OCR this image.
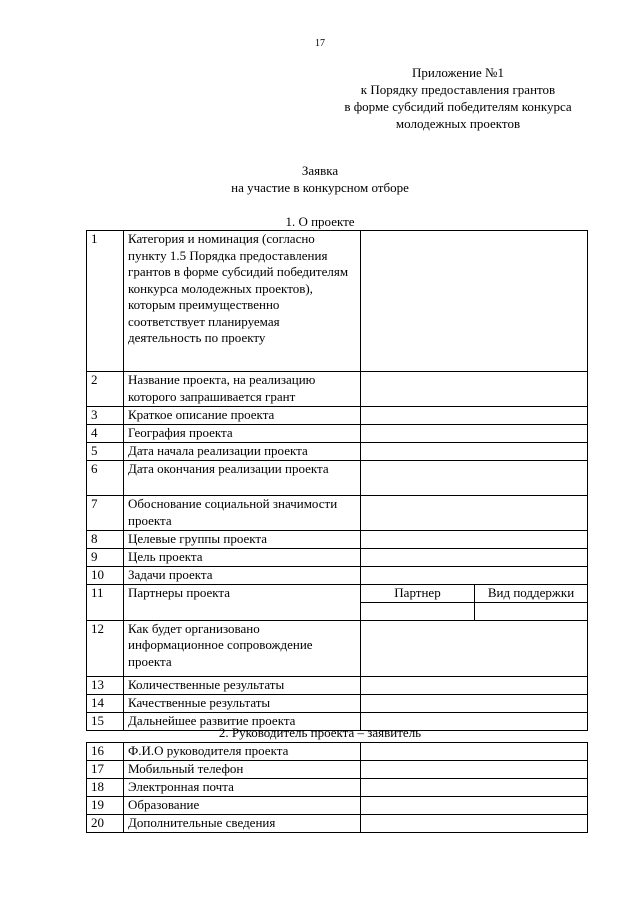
17
Приложение №1
к Порядку предоставления грантов
в форме субсидий победителям конкурса
молодежных проектов
Заявка
на участие в конкурсном отборе
1. О проекте
1	Категория и номинация (согласно пункту 1.5 Порядка предоставления грантов в форме субсидий победителям конкурса молодежных проектов), которым преимущественно соответствует планируемая деятельность по проекту		
2	Название проекта, на реализацию которого запрашивается грант		
3	Краткое описание проекта		
4	География проекта		
5	Дата начала реализации проекта		
6	Дата окончания реализации проекта		
7	Обоснование социальной значимости проекта		
8	Целевые группы проекта		
9	Цель проекта		
10	Задачи проекта		
11	Партнеры проекта	Партнер	Вид поддержки

12	Как будет организовано информационное сопровождение проекта		
13	Количественные результаты		
14	Качественные результаты		
15	Дальнейшее развитие проекта		
2. Руководитель проекта – заявитель
16	Ф.И.О руководителя проекта	
17	Мобильный телефон	
18	Электронная почта	
19	Образование	
20	Дополнительные сведения	
